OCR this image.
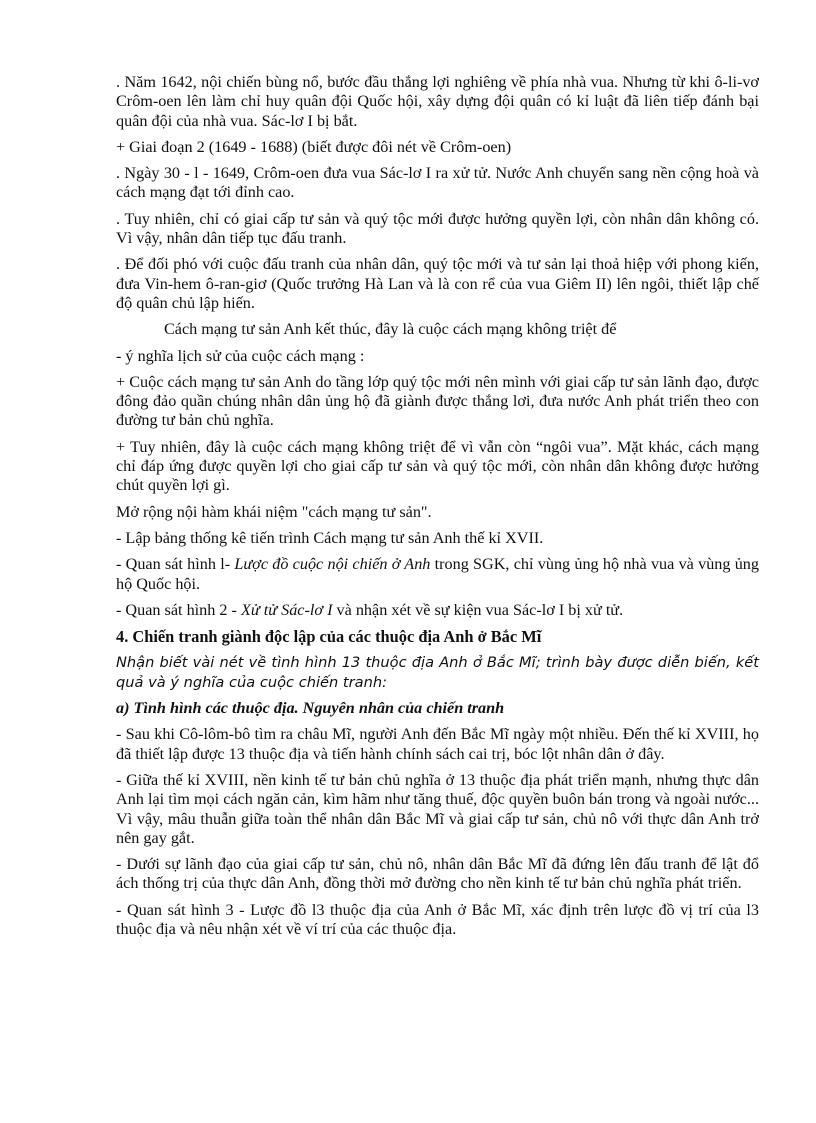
. Năm 1642, nội chiến bùng nổ, bước đầu thắng lợi nghiêng về phía nhà vua. Nhưng từ khi ô-li-vơ Crôm-oen lên làm chỉ huy quân đội Quốc hội, xây dựng đội quân có kỉ luật đã liên tiếp đánh bại quân đội của nhà vua. Sác-lơ I bị bắt.

+ Giai đoạn 2 (1649 - 1688) (biết được đôi nét về Crôm-oen)

. Ngày 30 - l - 1649, Crôm-oen đưa vua Sác-lơ I ra xử tử. Nước Anh chuyển sang nền cộng hoà và cách mạng đạt tới đỉnh cao.

. Tuy nhiên, chỉ có giai cấp tư sản và quý tộc mới được hưởng quyền lợi, còn nhân dân không có. Vì vậy, nhân dân tiếp tục đấu tranh.

. Để đối phó với cuộc đấu tranh của nhân dân, quý tộc mới và tư sản lại thoả hiệp với phong kiến, đưa Vin-hem ô-ran-giơ (Quốc trưởng Hà Lan và là con rể của vua Giêm II) lên ngôi, thiết lập chế độ quân chủ lập hiến.

Cách mạng tư sản Anh kết thúc, đây là cuộc cách mạng không triệt để

- ý nghĩa lịch sử của cuộc cách mạng :

+ Cuộc cách mạng tư sản Anh do tầng lớp quý tộc mới nên mình với giai cấp tư sản lãnh đạo, được đông đảo quần chúng nhân dân ủng hộ đã giành được thắng lơi, đưa nước Anh phát triển theo con đường tư bản chủ nghĩa.

+ Tuy nhiên, đây là cuộc cách mạng không triệt để vì vẫn còn “ngôi vua”. Mặt khác, cách mạng chỉ đáp ứng được quyền lợi cho giai cấp tư sản và quý tộc mới, còn nhân dân không được hưởng chút quyền lợi gì.

Mở rộng nội hàm khái niệm "cách mạng tư sản".

- Lập bảng thống kê tiến trình Cách mạng tư sản Anh thế kỉ XVII.

- Quan sát hình l- Lược đồ cuộc nội chiến ở Anh trong SGK, chỉ vùng ủng hộ nhà vua và vùng ủng hộ Quốc hội.

- Quan sát hình 2 - Xử tử Sác-lơ I và nhận xét về sự kiện vua Sác-lơ I bị xử tử.

4. Chiến tranh giành độc lập của các thuộc địa Anh ở Bắc Mĩ

Nhận biết vài nét về tình hình 13 thuộc địa Anh ở Bắc Mĩ; trình bày được diễn biến, kết quả và ý nghĩa của cuộc chiến tranh:

a) Tình hình các thuộc địa. Nguyên nhân của chiến tranh

- Sau khi Cô-lôm-bô tìm ra châu Mĩ, người Anh đến Bắc Mĩ ngày một nhiều. Đến thế kỉ XVIII, họ đã thiết lập được 13 thuộc địa và tiến hành chính sách cai trị, bóc lột nhân dân ở đây.

- Giữa thế kỉ XVIII, nền kinh tế tư bản chủ nghĩa ở 13 thuộc địa phát triển mạnh, nhưng thực dân Anh lại tìm mọi cách ngăn cản, kìm hãm như tăng thuế, độc quyền buôn bán trong và ngoài nước... Vì vậy, mâu thuẫn giữa toàn thể nhân dân Bắc Mĩ và giai cấp tư sản, chủ nô với thực dân Anh trở nên gay gắt.

- Dưới sự lãnh đạo của giai cấp tư sản, chủ nô, nhân dân Bắc Mĩ đã đứng lên đấu tranh để lật đổ ách thống trị của thực dân Anh, đồng thời mở đường cho nền kinh tế tư bản chủ nghĩa phát triển.

- Quan sát hình 3 - Lược đồ l3 thuộc địa của Anh ở Bắc Mĩ, xác định trên lược đồ vị trí của l3 thuộc địa và nêu nhận xét về ví trí của các thuộc địa.
